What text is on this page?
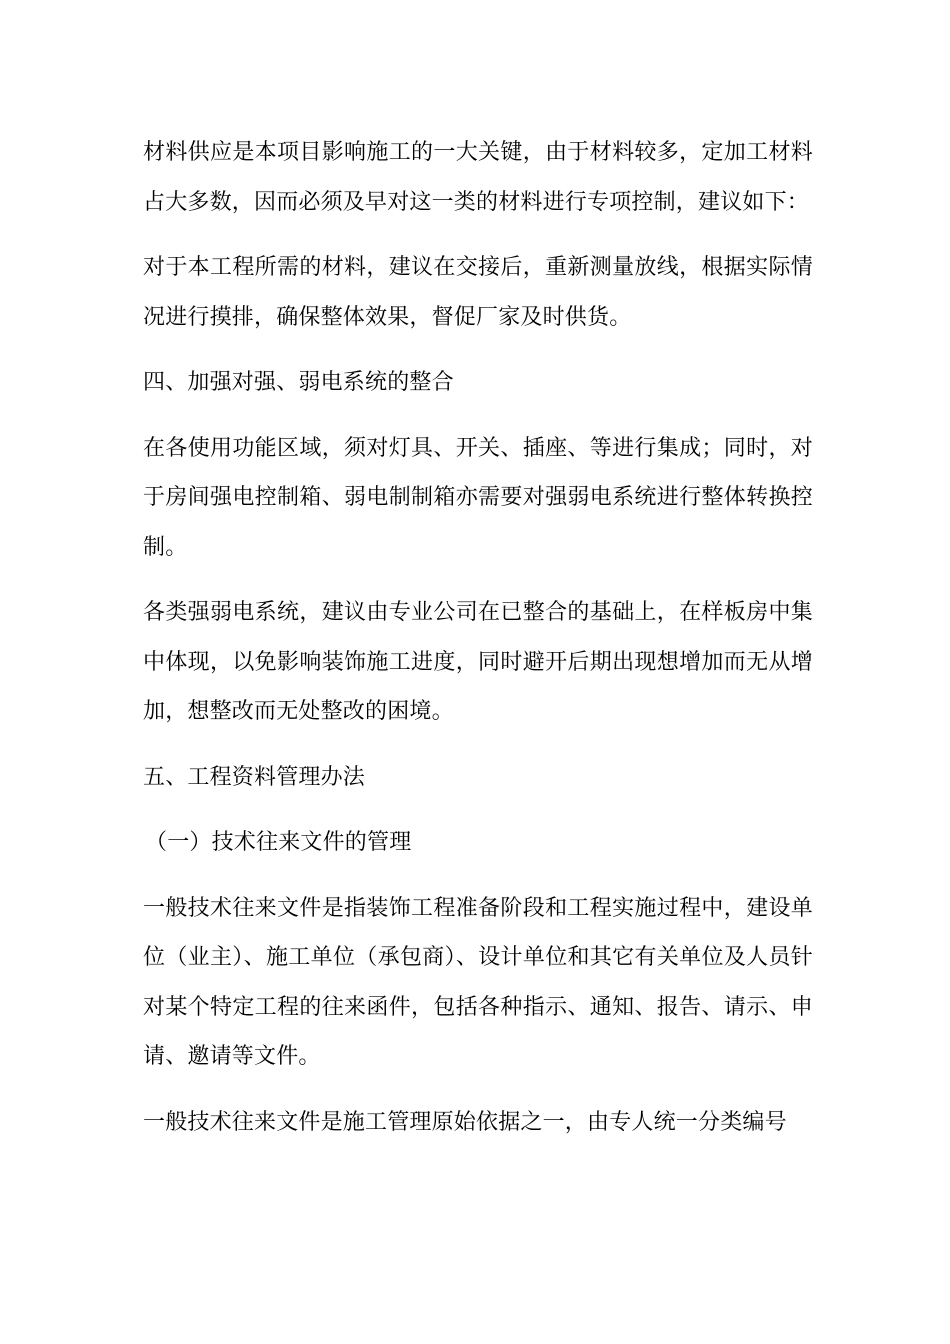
材料供应是本项目影响施工的一大关键，由于材料较多，定加工材料占大多数，因而必须及早对这一类的材料进行专项控制，建议如下：

对于本工程所需的材料，建议在交接后，重新测量放线，根据实际情况进行摸排，确保整体效果，督促厂家及时供货。

四、加强对强、弱电系统的整合

在各使用功能区域，须对灯具、开关、插座、等进行集成；同时，对于房间强电控制箱、弱电制制箱亦需要对强弱电系统进行整体转换控制。

各类强弱电系统，建议由专业公司在已整合的基础上，在样板房中集中体现，以免影响装饰施工进度，同时避开后期出现想增加而无从增加，想整改而无处整改的困境。

五、工程资料管理办法

（一）技术往来文件的管理

一般技术往来文件是指装饰工程准备阶段和工程实施过程中，建设单位（业主）、施工单位（承包商）、设计单位和其它有关单位及人员针对某个特定工程的往来函件，包括各种指示、通知、报告、请示、申请、邀请等文件。

一般技术往来文件是施工管理原始依据之一，由专人统一分类编号
